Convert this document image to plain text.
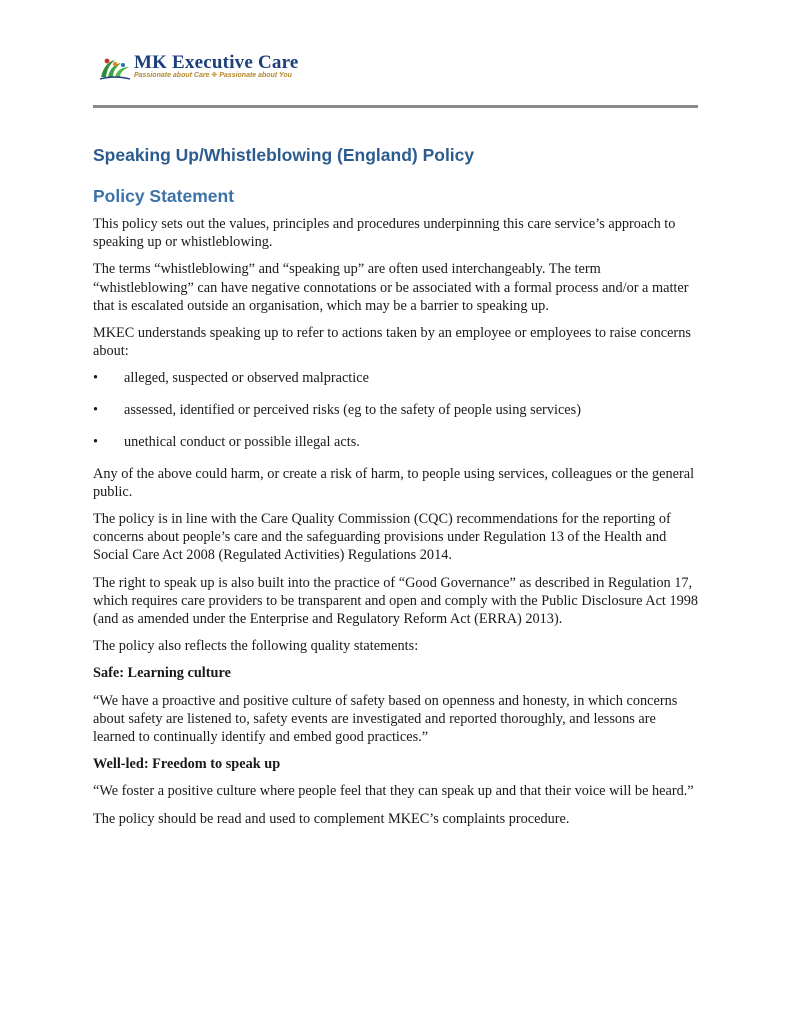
MK Executive Care
Passionate about Care ✥ Passionate about You
Speaking Up/Whistleblowing (England) Policy
Policy Statement

This policy sets out the values, principles and procedures underpinning this care service’s approach to speaking up or whistleblowing.

The terms “whistleblowing” and “speaking up” are often used interchangeably. The term “whistleblowing” can have negative connotations or be associated with a formal process and/or a matter that is escalated outside an organisation, which may be a barrier to speaking up.

MKEC understands speaking up to refer to actions taken by an employee or employees to raise concerns about:

• alleged, suspected or observed malpractice
• assessed, identified or perceived risks (eg to the safety of people using services)
• unethical conduct or possible illegal acts.

Any of the above could harm, or create a risk of harm, to people using services, colleagues or the general public.

The policy is in line with the Care Quality Commission (CQC) recommendations for the reporting of concerns about people’s care and the safeguarding provisions under Regulation 13 of the Health and Social Care Act 2008 (Regulated Activities) Regulations 2014.

The right to speak up is also built into the practice of “Good Governance” as described in Regulation 17, which requires care providers to be transparent and open and comply with the Public Disclosure Act 1998 (and as amended under the Enterprise and Regulatory Reform Act (ERRA) 2013).

The policy also reflects the following quality statements:

Safe: Learning culture

“We have a proactive and positive culture of safety based on openness and honesty, in which concerns about safety are listened to, safety events are investigated and reported thoroughly, and lessons are learned to continually identify and embed good practices.”

Well-led: Freedom to speak up

“We foster a positive culture where people feel that they can speak up and that their voice will be heard.”

The policy should be read and used to complement MKEC’s complaints procedure.
